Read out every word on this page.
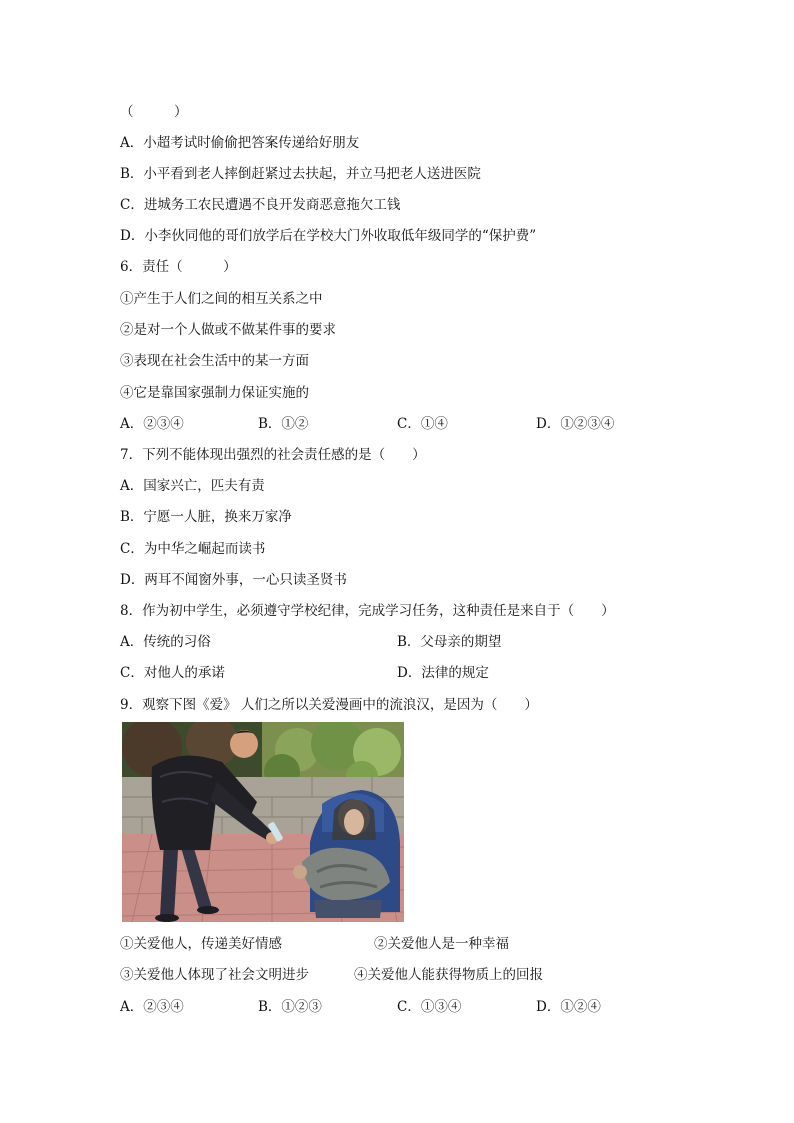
（　　　）
A．小超考试时偷偷把答案传递给好朋友
B．小平看到老人摔倒赶紧过去扶起，并立马把老人送进医院
C．进城务工农民遭遇不良开发商恶意拖欠工钱
D．小李伙同他的哥们放学后在学校大门外收取低年级同学的“保护费”
6．责任（　　　）
①产生于人们之间的相互关系之中
②是对一个人做或不做某件事的要求
③表现在社会生活中的某一方面
④它是靠国家强制力保证实施的
A．②③④	B．①②	C．①④	D．①②③④
7．下列不能体现出强烈的社会责任感的是（　　）
A．国家兴亡，匹夫有责
B．宁愿一人脏，换来万家净
C．为中华之崛起而读书
D．两耳不闻窗外事，一心只读圣贤书
8．作为初中学生，必须遵守学校纪律，完成学习任务，这种责任是来自于（　　）
A．传统的习俗	B．父母亲的期望
C．对他人的承诺	D．法律的规定
9．观察下图《爱》 人们之所以关爱漫画中的流浪汉，是因为（　　）
①关爱他人，传递美好情感	②关爱他人是一种幸福
③关爱他人体现了社会文明进步	④关爱他人能获得物质上的回报
A．②③④	B．①②③	C．①③④	D．①②④
